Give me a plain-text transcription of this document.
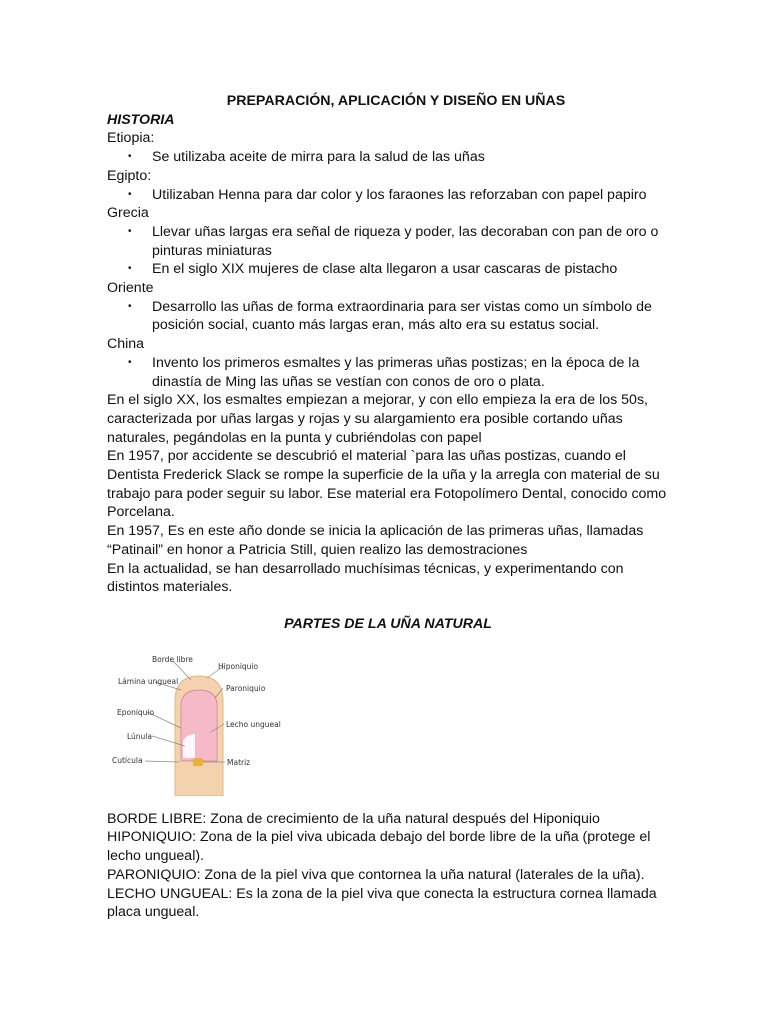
PREPARACIÓN, APLICACIÓN Y DISEÑO EN UÑAS
HISTORIA
Etiopia:
• Se utilizaba aceite de mirra para la salud de las uñas
Egipto:
• Utilizaban Henna para dar color y los faraones las reforzaban con papel papiro
Grecia
• Llevar uñas largas era señal de riqueza y poder, las decoraban con pan de oro o pinturas miniaturas
• En el siglo XIX mujeres de clase alta llegaron a usar cascaras de pistacho
Oriente
• Desarrollo las uñas de forma extraordinaria para ser vistas como un símbolo de posición social, cuanto más largas eran, más alto era su estatus social.
China
• Invento los primeros esmaltes y las primeras uñas postizas; en la época de la dinastía de Ming las uñas se vestían con conos de oro o plata.
En el siglo XX, los esmaltes empiezan a mejorar, y con ello empieza la era de los 50s, caracterizada por uñas largas y rojas y su alargamiento era posible cortando uñas naturales, pegándolas en la punta y cubriéndolas con papel
En 1957, por accidente se descubrió el material `para las uñas postizas, cuando el Dentista Frederick Slack se rompe la superficie de la uña y la arregla con material de su trabajo para poder seguir su labor. Ese material era Fotopolímero Dental, conocido como Porcelana.
En 1957, Es en este año donde se inicia la aplicación de las primeras uñas, llamadas “Patinail” en honor a Patricia Still, quien realizo las demostraciones
En la actualidad, se han desarrollado muchísimas técnicas, y experimentando con distintos materiales.
PARTES DE LA UÑA NATURAL
Borde libre
Hiponiquio
Lámina ungueal
Paroniquio
Eponiquio
Lecho ungueal
Lúnula
Cutícula	Matriz
BORDE LIBRE: Zona de crecimiento de la uña natural después del Hiponiquio
HIPONIQUIO: Zona de la piel viva ubicada debajo del borde libre de la uña (protege el lecho ungueal).
PARONIQUIO: Zona de la piel viva que contornea la uña natural (laterales de la uña).
LECHO UNGUEAL: Es la zona de la piel viva que conecta la estructura cornea llamada placa ungueal.
